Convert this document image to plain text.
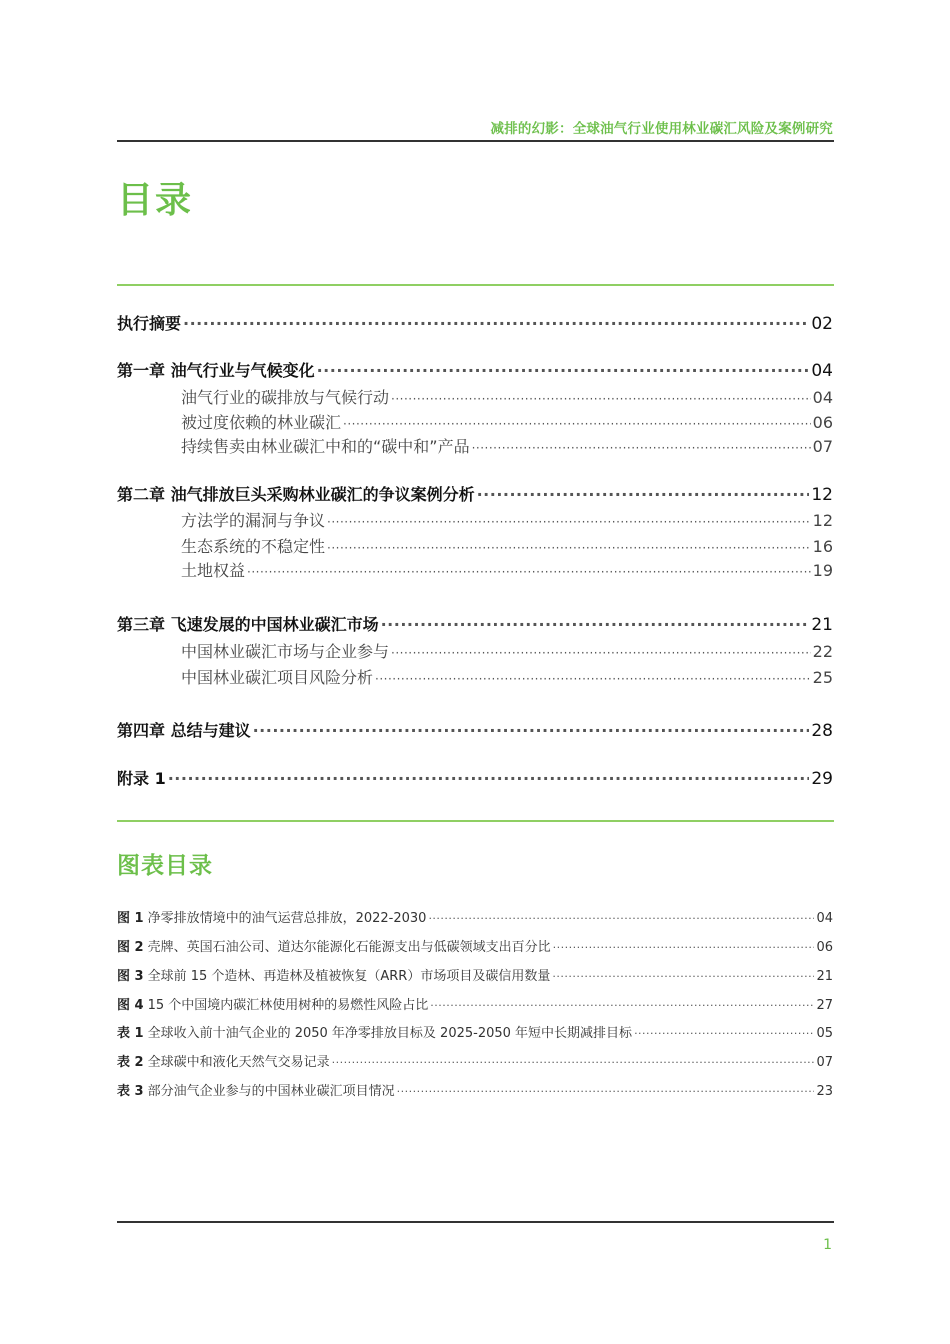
减排的幻影：全球油气行业使用林业碳汇风险及案例研究
目录
执行摘要 ·····	02
第一章 油气行业与气候变化 ·····	04
油气行业的碳排放与气候行动 ·····	04
被过度依赖的林业碳汇 ·····	06
持续售卖由林业碳汇中和的“碳中和”产品 ·····	07
第二章 油气排放巨头采购林业碳汇的争议案例分析 ·····	12
方法学的漏洞与争议 ·····	12
生态系统的不稳定性 ·····	16
土地权益 ·····	19
第三章 飞速发展的中国林业碳汇市场 ·····	21
中国林业碳汇市场与企业参与 ·····	22
中国林业碳汇项目风险分析 ·····	25
第四章 总结与建议 ·····	28
附录 1 ·····	29
图表目录
图 1 净零排放情境中的油气运营总排放，2022-2030 ·····	04
图 2 壳牌、英国石油公司、道达尔能源化石能源支出与低碳领域支出百分比 ·····	06
图 3 全球前 15 个造林、再造林及植被恢复（ARR）市场项目及碳信用数量 ·····	21
图 4 15 个中国境内碳汇林使用树种的易燃性风险占比 ·····	27
表 1 全球收入前十油气企业的 2050 年净零排放目标及 2025-2050 年短中长期减排目标 ·····	05
表 2 全球碳中和液化天然气交易记录 ·····	07
表 3 部分油气企业参与的中国林业碳汇项目情况 ·····	23
1
